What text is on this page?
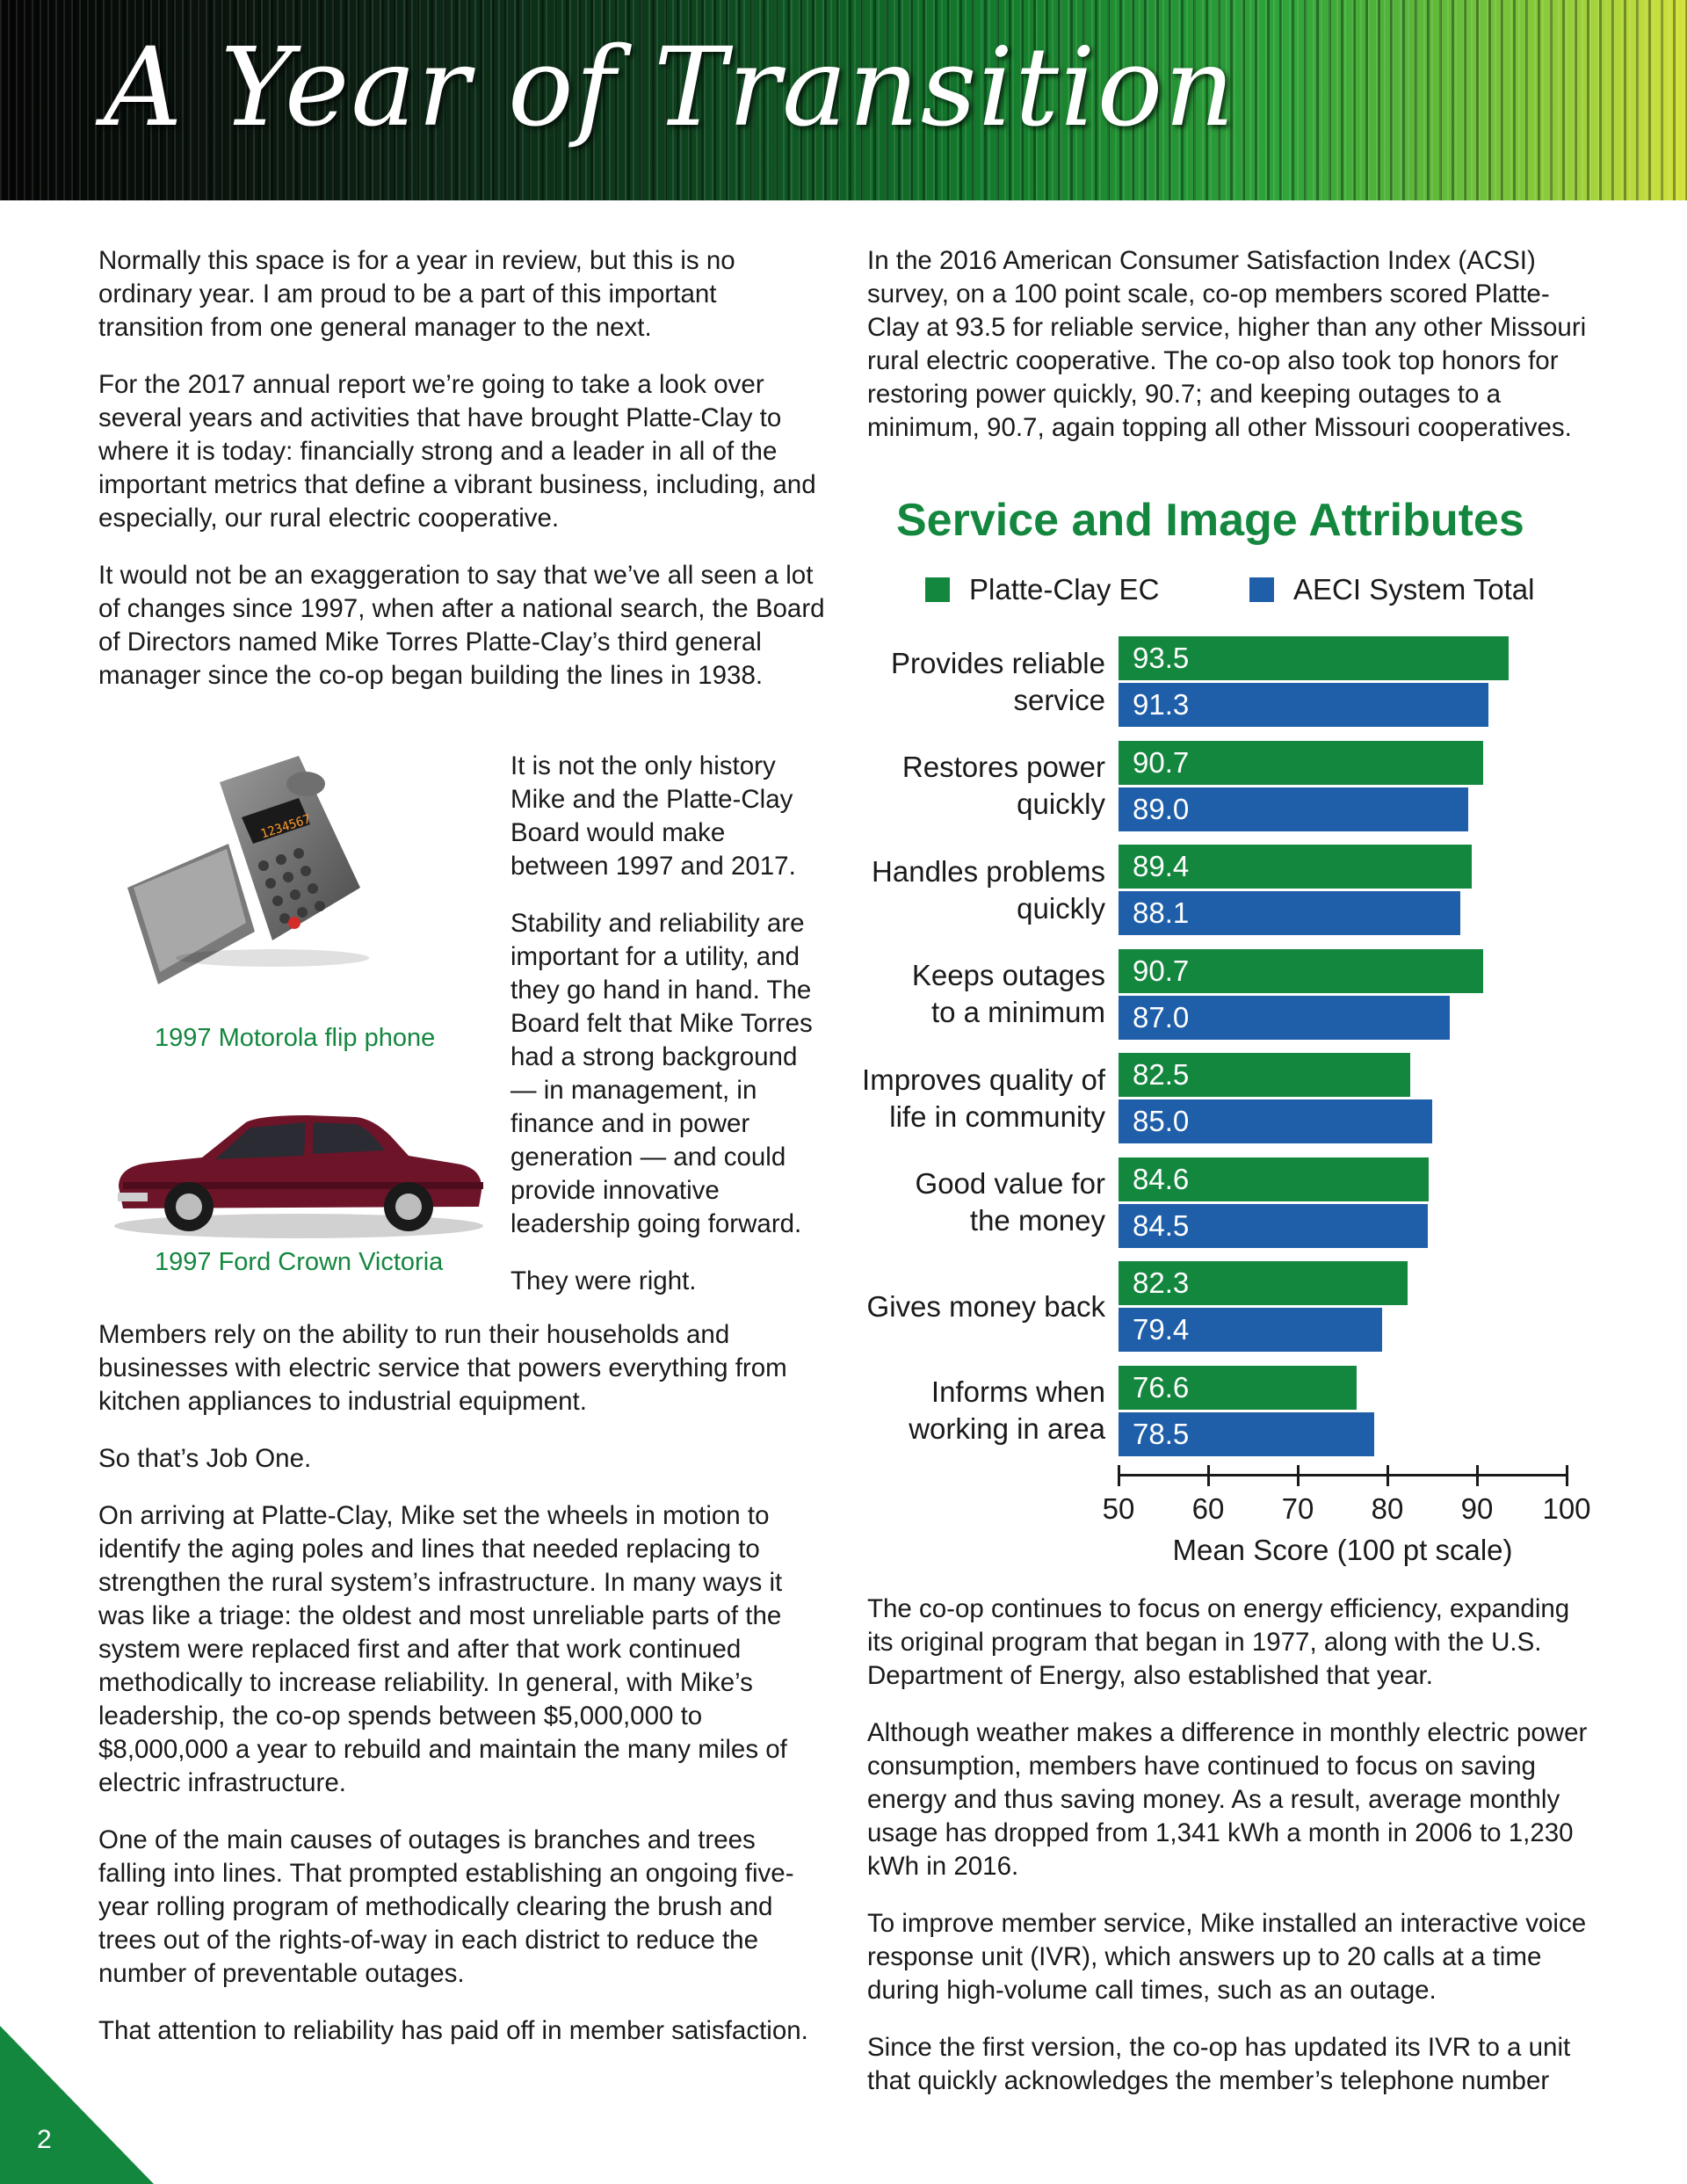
A Year of Transition

Normally this space is for a year in review, but this is no ordinary year. I am proud to be a part of this important transition from one general manager to the next.

For the 2017 annual report we’re going to take a look over several years and activities that have brought Platte-Clay to where it is today: financially strong and a leader in all of the important metrics that define a vibrant business, including, and especially, our rural electric cooperative.

It would not be an exaggeration to say that we’ve all seen a lot of changes since 1997, when after a national search, the Board of Directors named Mike Torres Platte-Clay’s third general manager since the co-op began building the lines in 1938.

1234567
1997 Motorola flip phone
1997 Ford Crown Victoria

It is not the only history Mike and the Platte-Clay Board would make between 1997 and 2017.

Stability and reliability are important for a utility, and they go hand in hand. The Board felt that Mike Torres had a strong background — in management, in finance and in power generation — and could provide innovative leadership going forward.

They were right.

Members rely on the ability to run their households and businesses with electric service that powers everything from kitchen appliances to industrial equipment.

So that’s Job One.

On arriving at Platte-Clay, Mike set the wheels in motion to identify the aging poles and lines that needed replacing to strengthen the rural system’s infrastructure. In many ways it was like a triage: the oldest and most unreliable parts of the system were replaced first and after that work continued methodically to increase reliability. In general, with Mike’s leadership, the co-op spends between $5,000,000 to $8,000,000 a year to rebuild and maintain the many miles of electric infrastructure.

One of the main causes of outages is branches and trees falling into lines. That prompted establishing an ongoing five-year rolling program of methodically clearing the brush and trees out of the rights-of-way in each district to reduce the number of preventable outages.

That attention to reliability has paid off in member satisfaction.

In the 2016 American Consumer Satisfaction Index (ACSI) survey, on a 100 point scale, co-op members scored Platte-Clay at 93.5 for reliable service, higher than any other Missouri rural electric cooperative. The co-op also took top honors for restoring power quickly, 90.7; and keeping outages to a minimum, 90.7, again topping all other Missouri cooperatives.

Service and Image Attributes
Platte-Clay EC	AECI System Total
Provides reliable
service
93.5
91.3
Restores power
quickly
90.7
89.0
Handles problems
quickly
89.4
88.1
Keeps outages
to a minimum
90.7
87.0
Improves quality of
life in community
82.5
85.0
Good value for
the money
84.6
84.5
Gives money back
82.3
79.4
Informs when
working in area
76.6
78.5
50	60	70	80	90	100
Mean Score (100 pt scale)

The co-op continues to focus on energy efficiency, expanding its original program that began in 1977, along with the U.S. Department of Energy, also established that year.

Although weather makes a difference in monthly electric power consumption, members have continued to focus on saving energy and thus saving money. As a result, average monthly usage has dropped from 1,341 kWh a month in 2006 to 1,230 kWh in 2016.

To improve member service, Mike installed an interactive voice response unit (IVR), which answers up to 20 calls at a time during high-volume call times, such as an outage.

Since the first version, the co-op has updated its IVR to a unit that quickly acknowledges the member’s telephone number

2
